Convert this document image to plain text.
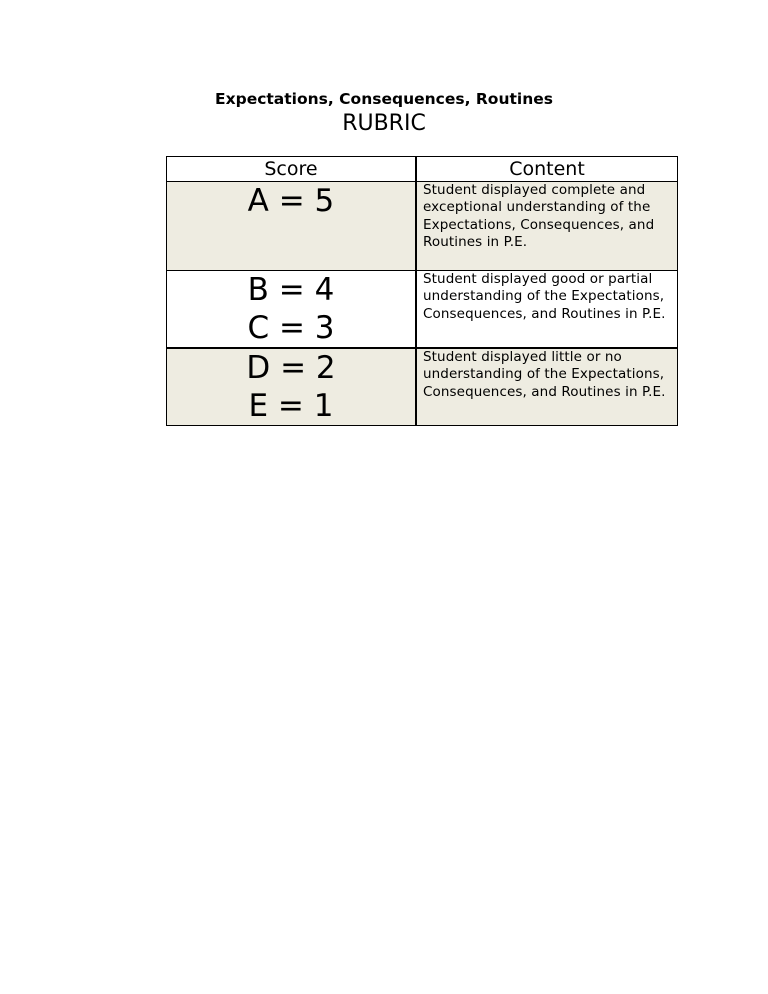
Expectations, Consequences, Routines
RUBRIC
Score	Content

A = 5	Student displayed complete and exceptional understanding of the Expectations, Consequences, and Routines in P.E.

B = 4
C = 3	Student displayed good or partial understanding of the Expectations, Consequences, and Routines in P.E.

D = 2
E = 1	Student displayed little or no understanding of the Expectations, Consequences, and Routines in P.E.
